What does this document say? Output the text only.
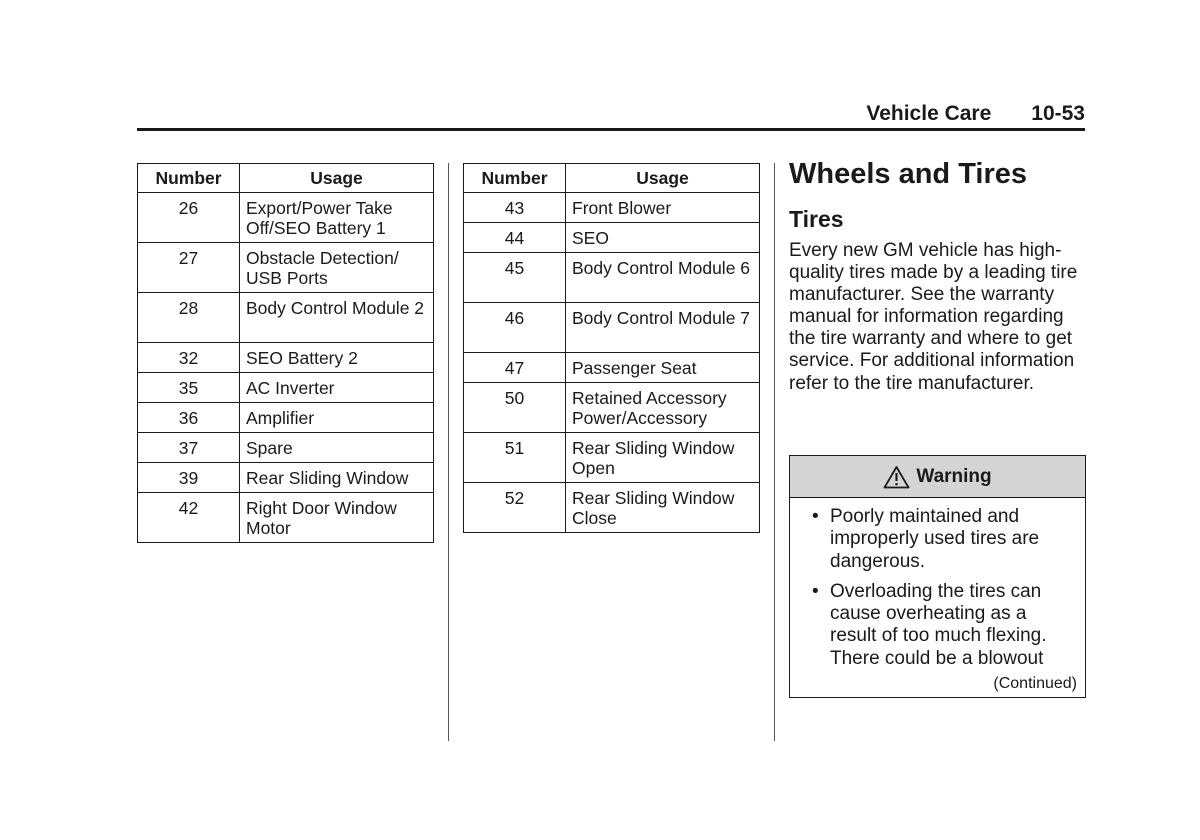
Vehicle Care 10-53
Number	Usage
26	Export/Power Take Off/SEO Battery 1
27	Obstacle Detection/ USB Ports
28	Body Control Module 2
32	SEO Battery 2
35	AC Inverter
36	Amplifier
37	Spare
39	Rear Sliding Window
42	Right Door Window Motor
Number	Usage
43	Front Blower
44	SEO
45	Body Control Module 6
46	Body Control Module 7
47	Passenger Seat
50	Retained Accessory Power/Accessory
51	Rear Sliding Window Open
52	Rear Sliding Window Close
Wheels and Tires
Tires
Every new GM vehicle has high-quality tires made by a leading tire manufacturer. See the warranty manual for information regarding the tire warranty and where to get service. For additional information refer to the tire manufacturer.
Warning
• Poorly maintained and improperly used tires are dangerous.
• Overloading the tires can cause overheating as a result of too much flexing. There could be a blowout
(Continued)
